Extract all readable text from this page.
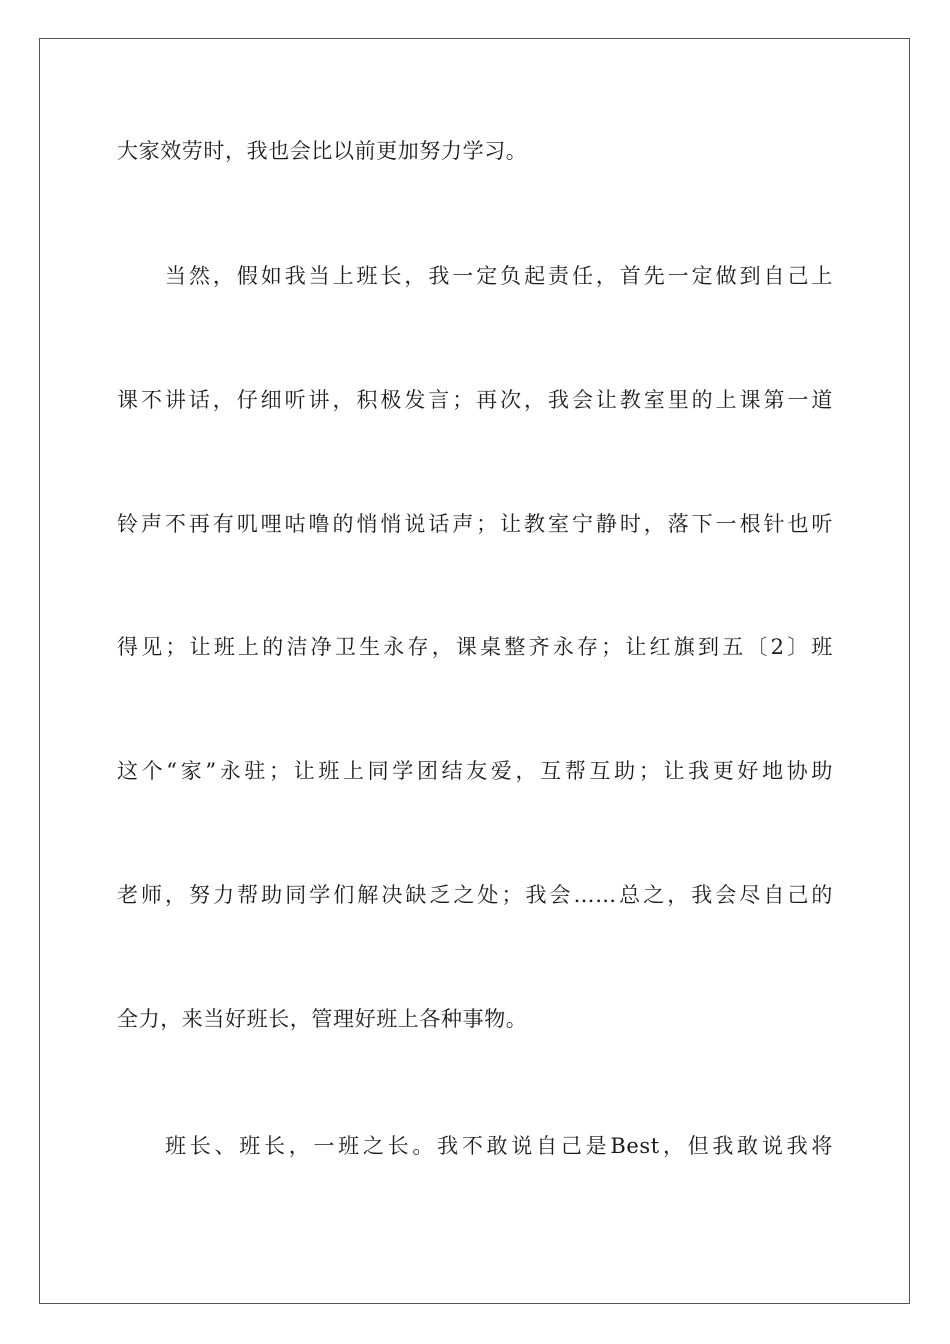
大家效劳时，我也会比以前更加努力学习。
当然，假如我当上班长，我一定负起责任，首先一定做到自己上
课不讲话，仔细听讲，积极发言；再次，我会让教室里的上课第一道
铃声不再有叽哩咕噜的悄悄说话声；让教室宁静时，落下一根针也听
得见；让班上的洁净卫生永存，课桌整齐永存；让红旗到五〔2〕班
这个“家”永驻；让班上同学团结友爱，互帮互助；让我更好地协助
老师，努力帮助同学们解决缺乏之处；我会……总之，我会尽自己的
全力，来当好班长，管理好班上各种事物。
班长、班长，一班之长。我不敢说自己是Best，但我敢说我将
